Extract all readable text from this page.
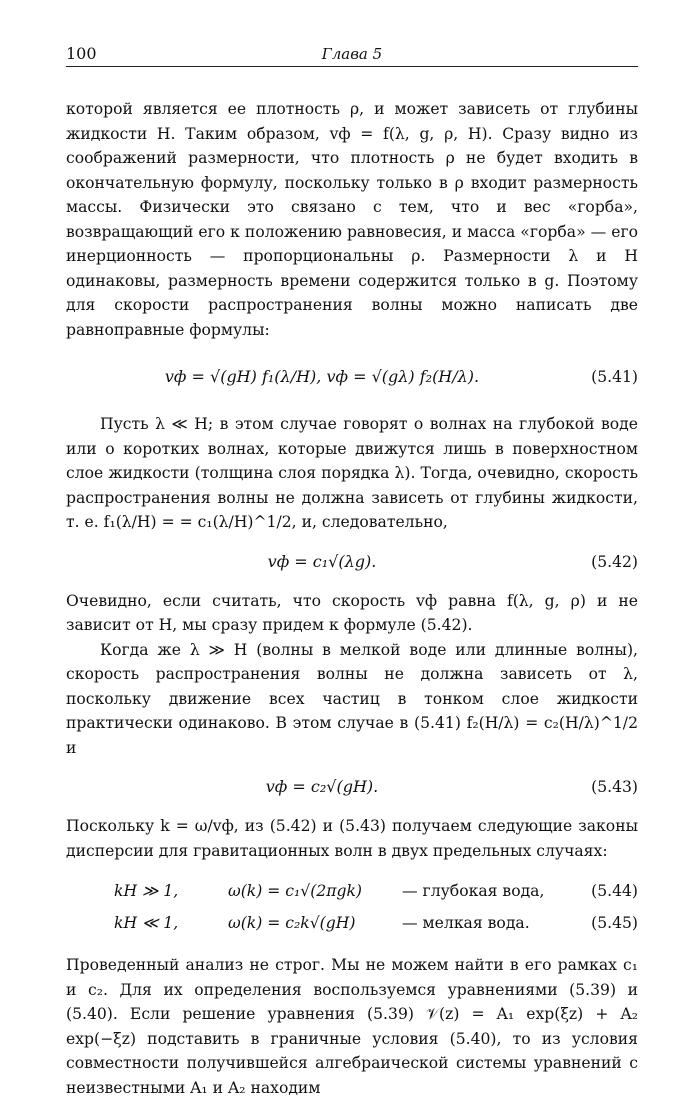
100	Глава 5

которой является ее плотность ρ, и может зависеть от глубины жидкости H. Таким образом, vф = f(λ, g, ρ, H). Сразу видно из соображений размерности, что плотность ρ не будет входить в окончательную формулу, поскольку только в ρ входит размерность массы. Физически это связано с тем, что и вес «горба», возвращающий его к положению равновесия, и масса «горба» — его инерционность — пропорциональны ρ. Размерности λ и H одинаковы, размерность времени содержится только в g. Поэтому для скорости распространения волны можно написать две равноправные формулы:

vф = √(gH) f₁(λ/H), vф = √(gλ) f₂(H/λ).	(5.41)

Пусть λ ≪ H; в этом случае говорят о волнах на глубокой воде или о коротких волнах, которые движутся лишь в поверхностном слое жидкости (толщина слоя порядка λ). Тогда, очевидно, скорость распространения волны не должна зависеть от глубины жидкости, т. е. f₁(λ/H) = = c₁(λ/H)^1/2, и, следовательно,

vф = c₁√(λg).	(5.42)

Очевидно, если считать, что скорость vф равна f(λ, g, ρ) и не зависит от H, мы сразу придем к формуле (5.42).

Когда же λ ≫ H (волны в мелкой воде или длинные волны), скорость распространения волны не должна зависеть от λ, поскольку движение всех частиц в тонком слое жидкости практически одинаково. В этом случае в (5.41) f₂(H/λ) = c₂(H/λ)^1/2 и

vф = c₂√(gH).	(5.43)

Поскольку k = ω/vф, из (5.42) и (5.43) получаем следующие законы дисперсии для гравитационных волн в двух предельных случаях:

kH ≫ 1,	ω(k) = c₁√(2πgk)	— глубокая вода,	(5.44)
kH ≪ 1,	ω(k) = c₂k√(gH)	— мелкая вода.	(5.45)

Проведенный анализ не строг. Мы не можем найти в его рамках c₁ и c₂. Для их определения воспользуемся уравнениями (5.39) и (5.40). Если решение уравнения (5.39) 𝒱(z) = A₁ exp(ξz) + A₂ exp(−ξz) подставить в граничные условия (5.40), то из условия совместности получившейся алгебраической системы уравнений с неизвестными A₁ и A₂ находим
